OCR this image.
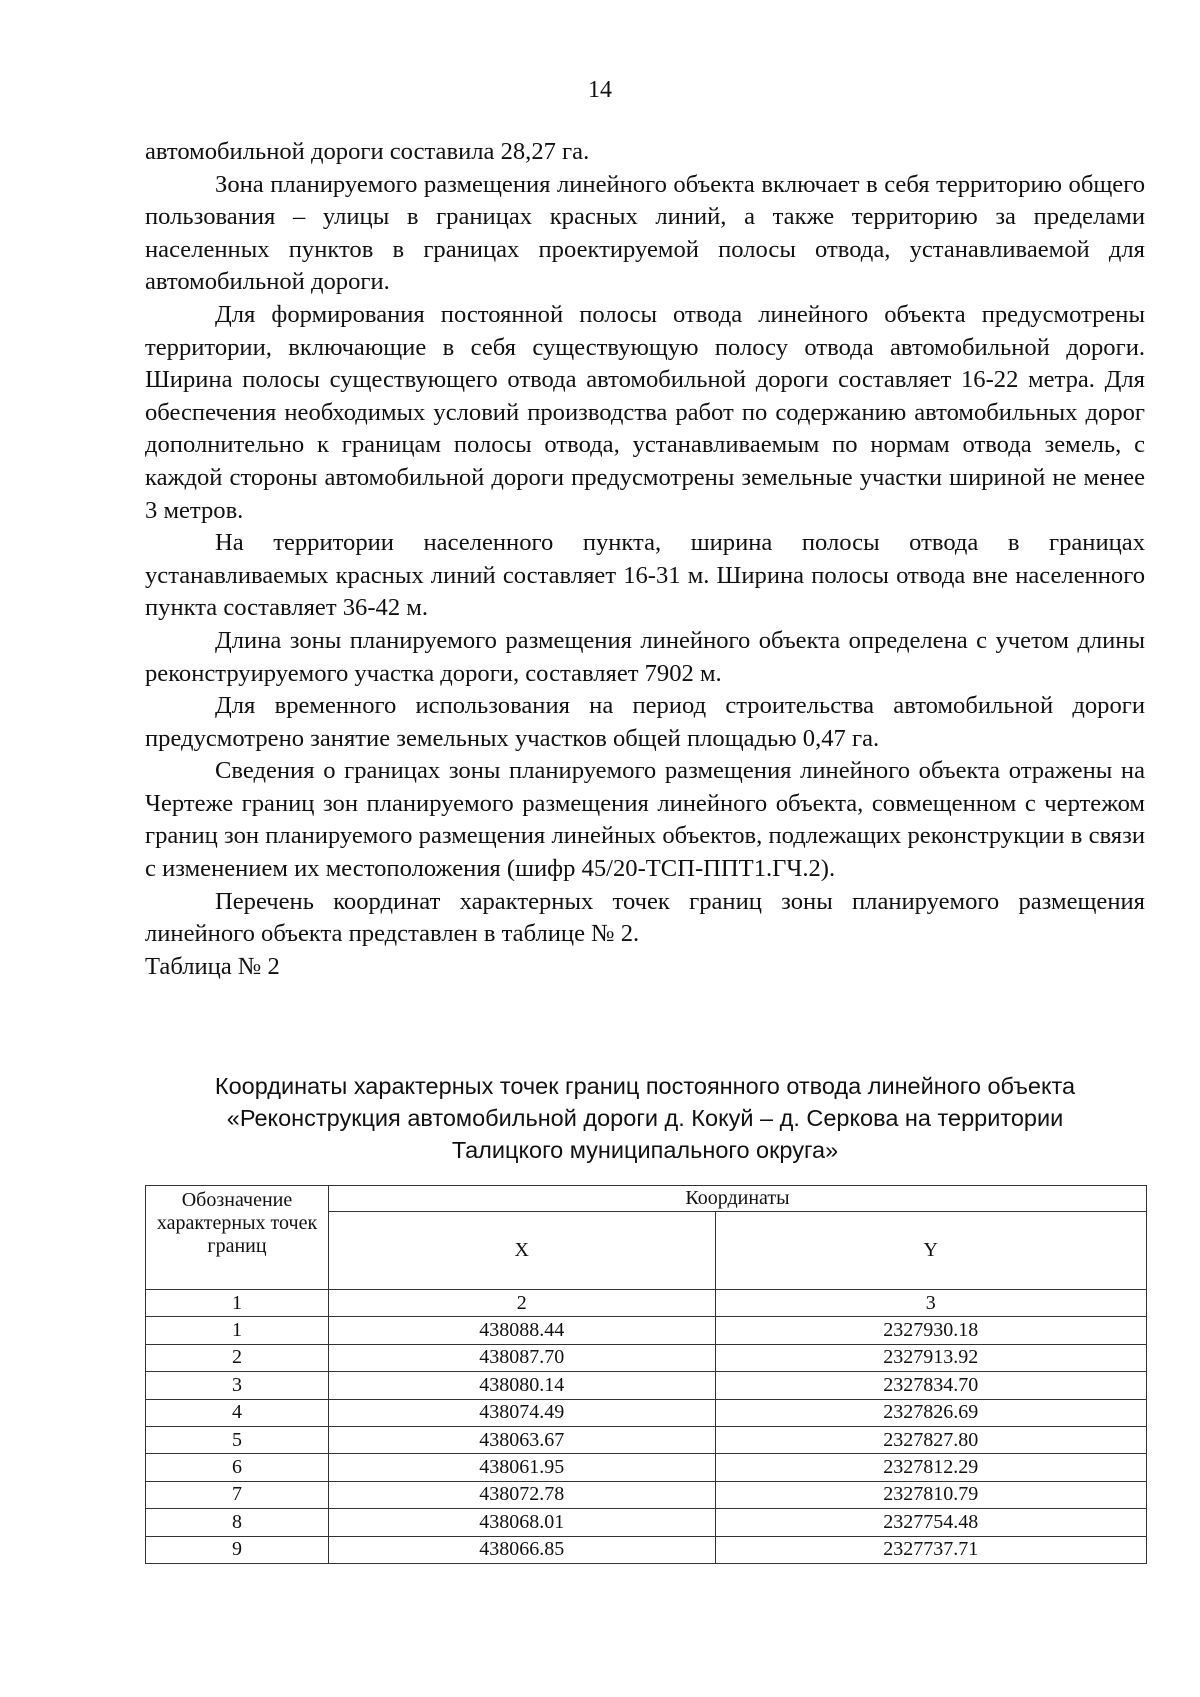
14

автомобильной дороги составила 28,27 га.

Зона планируемого размещения линейного объекта включает в себя территорию общего пользования – улицы в границах красных линий, а также территорию за пределами населенных пунктов в границах проектируемой полосы отвода, устанавливаемой для автомобильной дороги.

Для формирования постоянной полосы отвода линейного объекта предусмотрены территории, включающие в себя существующую полосу отвода автомобильной дороги. Ширина полосы существующего отвода автомобильной дороги составляет 16-22 метра. Для обеспечения необходимых условий производства работ по содержанию автомобильных дорог дополнительно к границам полосы отвода, устанавливаемым по нормам отвода земель, с каждой стороны автомобильной дороги предусмотрены земельные участки шириной не менее 3 метров.

На территории населенного пункта, ширина полосы отвода в границах устанавливаемых красных линий составляет 16-31 м. Ширина полосы отвода вне населенного пункта составляет 36-42 м.

Длина зоны планируемого размещения линейного объекта определена с учетом длины реконструируемого участка дороги, составляет 7902 м.

Для временного использования на период строительства автомобильной дороги предусмотрено занятие земельных участков общей площадью 0,47 га.

Сведения о границах зоны планируемого размещения линейного объекта отражены на Чертеже границ зон планируемого размещения линейного объекта, совмещенном с чертежом границ зон планируемого размещения линейных объектов, подлежащих реконструкции в связи с изменением их местоположения (шифр 45/20-ТСП-ППТ1.ГЧ.2).

Перечень координат характерных точек границ зоны планируемого размещения линейного объекта представлен в таблице № 2.

Таблица № 2

Координаты характерных точек границ постоянного отвода линейного объекта
«Реконструкция автомобильной дороги д. Кокуй – д. Серкова на территории
Талицкого муниципального округа»
Обозначение характерных точек границ	Координаты	
	X	Y
1	2	3
1	438088.44	2327930.18
2	438087.70	2327913.92
3	438080.14	2327834.70
4	438074.49	2327826.69
5	438063.67	2327827.80
6	438061.95	2327812.29
7	438072.78	2327810.79
8	438068.01	2327754.48
9	438066.85	2327737.71
